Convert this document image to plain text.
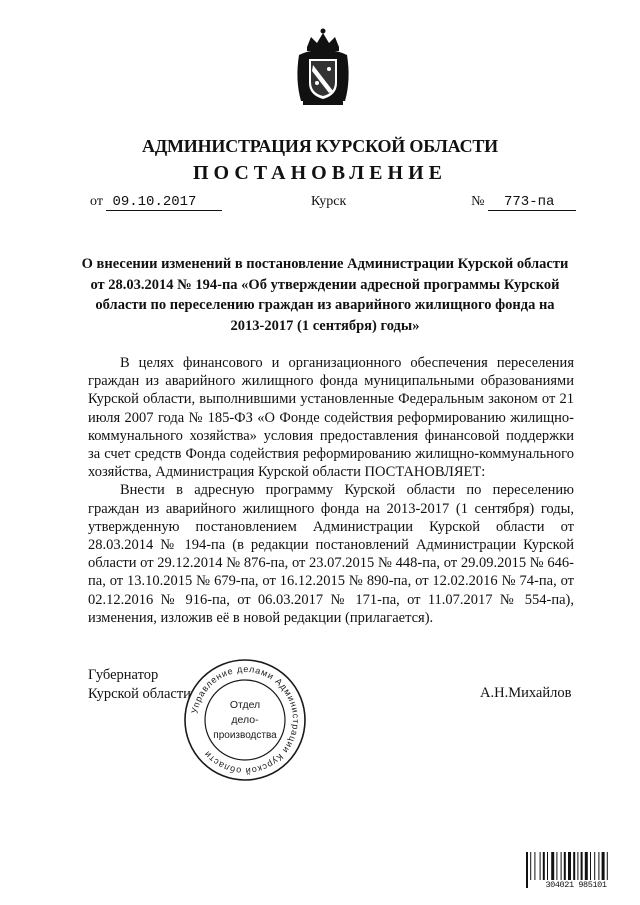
АДМИНИСТРАЦИЯ КУРСКОЙ ОБЛАСТИ
ПОСТАНОВЛЕНИЕ
от 09.10.2017	Курск	№ 773-па
О внесении изменений в постановление Администрации Курской области от 28.03.2014 № 194-па «Об утверждении адресной программы Курской области по переселению граждан из аварийного жилищного фонда на 2013-2017 (1 сентября) годы»

В целях финансового и организационного обеспечения переселения граждан из аварийного жилищного фонда муниципальными образованиями Курской области, выполнившими установленные Федеральным законом от 21 июля 2007 года № 185-ФЗ «О Фонде содействия реформированию жилищно-коммунального хозяйства» условия предоставления финансовой поддержки за счет средств Фонда содействия реформированию жилищно-коммунального хозяйства, Администрация Курской области ПОСТАНОВЛЯЕТ:

Внести в адресную программу Курской области по переселению граждан из аварийного жилищного фонда на 2013-2017 (1 сентября) годы, утвержденную постановлением Администрации Курской области от 28.03.2014 № 194-па (в редакции постановлений Администрации Курской области от 29.12.2014 № 876-па, от 23.07.2015 № 448-па, от 29.09.2015 № 646-па, от 13.10.2015 № 679-па, от 16.12.2015 № 890-па, от 12.02.2016 № 74-па, от 02.12.2016 № 916-па, от 06.03.2017 № 171-па, от 11.07.2017 № 554-па), изменения, изложив её в новой редакции (прилагается).

Губернатор
Курской области	А.Н.Михайлов
Управление делами Администрации Курской области
Отдел
дело-
производства
304021 985101
